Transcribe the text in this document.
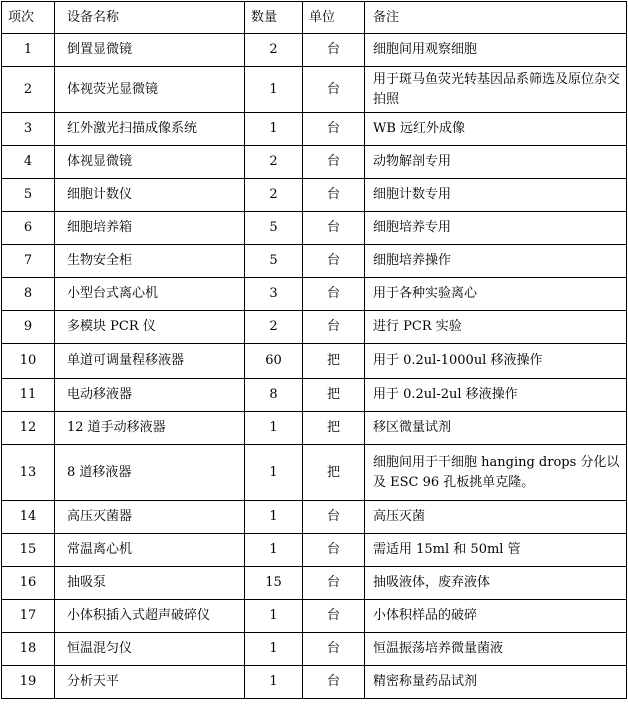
项次	设备名称	数量	单位	备注
1	倒置显微镜	2	台	细胞间用观察细胞
2	体视荧光显微镜	1	台	用于斑马鱼荧光转基因品系筛选及原位杂交拍照
3	红外激光扫描成像系统	1	台	WB 远红外成像
4	体视显微镜	2	台	动物解剖专用
5	细胞计数仪	2	台	细胞计数专用
6	细胞培养箱	5	台	细胞培养专用
7	生物安全柜	5	台	细胞培养操作
8	小型台式离心机	3	台	用于各种实验离心
9	多模块 PCR 仪	2	台	进行 PCR 实验
10	单道可调量程移液器	60	把	用于 0.2ul-1000ul 移液操作
11	电动移液器	8	把	用于 0.2ul-2ul 移液操作
12	12 道手动移液器	1	把	移区微量试剂
13	8 道移液器	1	把	细胞间用于干细胞 hanging drops 分化以及 ESC 96 孔板挑单克隆。
14	高压灭菌器	1	台	高压灭菌
15	常温离心机	1	台	需适用 15ml 和 50ml 管
16	抽吸泵	15	台	抽吸液体，废弃液体
17	小体积插入式超声破碎仪	1	台	小体积样品的破碎
18	恒温混匀仪	1	台	恒温振荡培养微量菌液
19	分析天平	1	台	精密称量药品试剂
